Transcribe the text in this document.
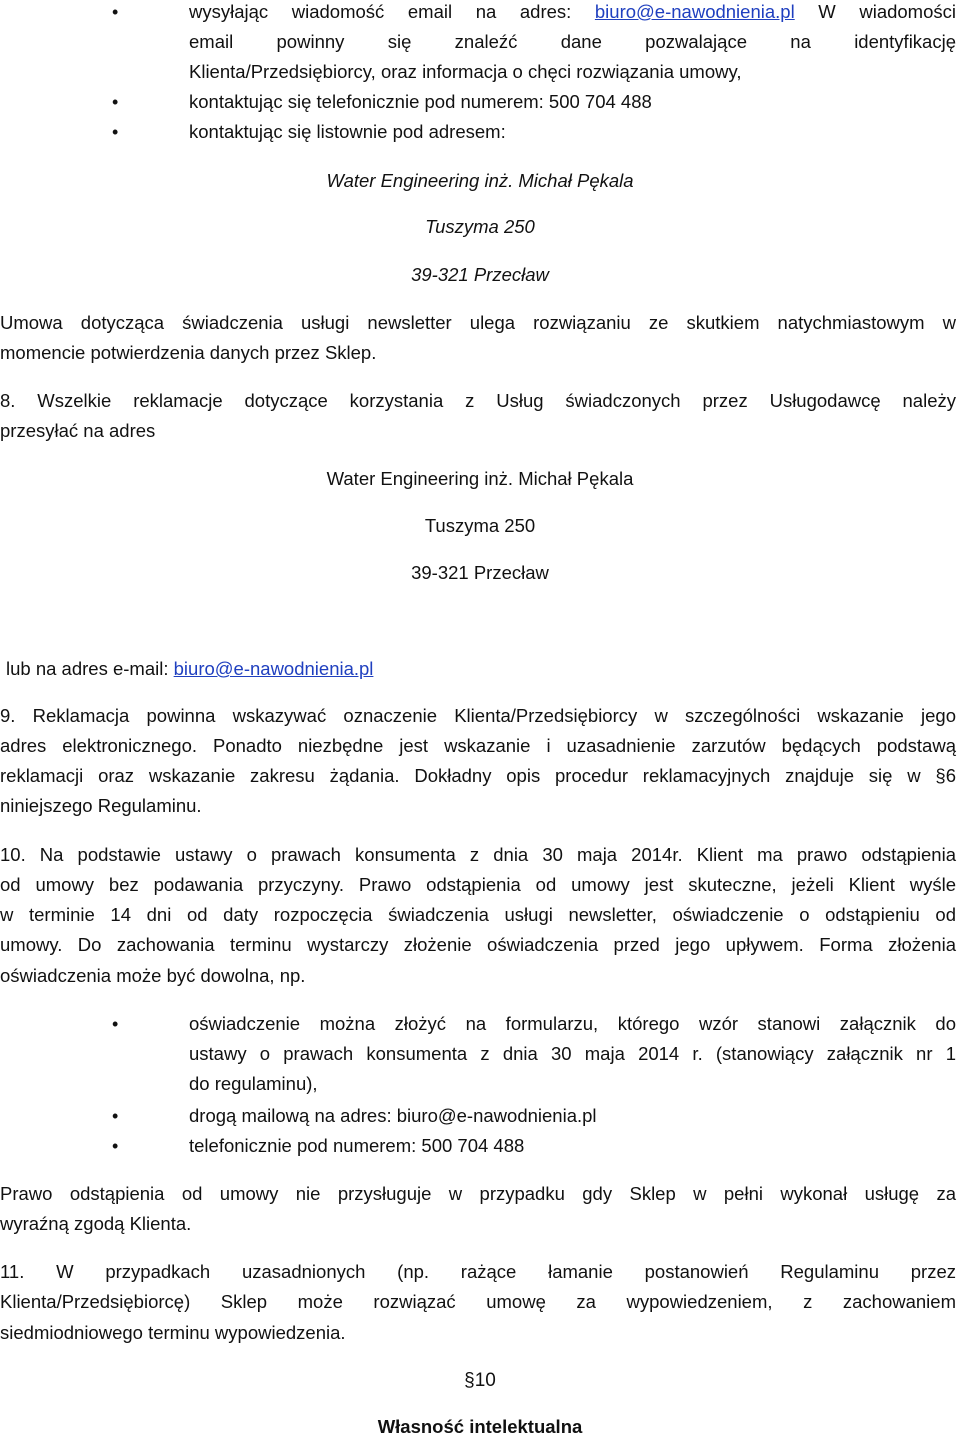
•	wysyłając wiadomość email na adres: biuro@e-nawodnienia.pl W wiadomości
email powinny się znaleźć dane pozwalające na identyfikację
Klienta/Przedsiębiorcy, oraz informacja o chęci rozwiązania umowy,
•	kontaktując się telefonicznie pod numerem: 500 704 488
•	kontaktując się listownie pod adresem:
Water Engineering inż. Michał Pękala
Tuszyma 250
39-321 Przecław
Umowa dotycząca świadczenia usługi newsletter ulega rozwiązaniu ze skutkiem natychmiastowym w
momencie potwierdzenia danych przez Sklep.
8. Wszelkie reklamacje dotyczące korzystania z Usług świadczonych przez Usługodawcę należy
przesyłać na adres
Water Engineering inż. Michał Pękala
Tuszyma 250
39-321 Przecław
lub na adres e-mail: biuro@e-nawodnienia.pl
9. Reklamacja powinna wskazywać oznaczenie Klienta/Przedsiębiorcy w szczególności wskazanie jego
adres elektronicznego. Ponadto niezbędne jest wskazanie i uzasadnienie zarzutów będących podstawą
reklamacji oraz wskazanie zakresu żądania. Dokładny opis procedur reklamacyjnych znajduje się w §6
niniejszego Regulaminu.
10. Na podstawie ustawy o prawach konsumenta z dnia 30 maja 2014r. Klient ma prawo odstąpienia
od umowy bez podawania przyczyny. Prawo odstąpienia od umowy jest skuteczne, jeżeli Klient wyśle
w terminie 14 dni od daty rozpoczęcia świadczenia usługi newsletter, oświadczenie o odstąpieniu od
umowy. Do zachowania terminu wystarczy złożenie oświadczenia przed jego upływem. Forma złożenia
oświadczenia może być dowolna, np.
•	oświadczenie można złożyć na formularzu, którego wzór stanowi załącznik do
ustawy o prawach konsumenta z dnia 30 maja 2014 r. (stanowiący załącznik nr 1
do regulaminu),
•	drogą mailową na adres: biuro@e-nawodnienia.pl
•	telefonicznie pod numerem: 500 704 488
Prawo odstąpienia od umowy nie przysługuje w przypadku gdy Sklep w pełni wykonał usługę za
wyraźną zgodą Klienta.
11. W przypadkach uzasadnionych (np. rażące łamanie postanowień Regulaminu przez
Klienta/Przedsiębiorcę) Sklep może rozwiązać umowę za wypowiedzeniem, z zachowaniem
siedmiodniowego terminu wypowiedzenia.
§10
Własność intelektualna
